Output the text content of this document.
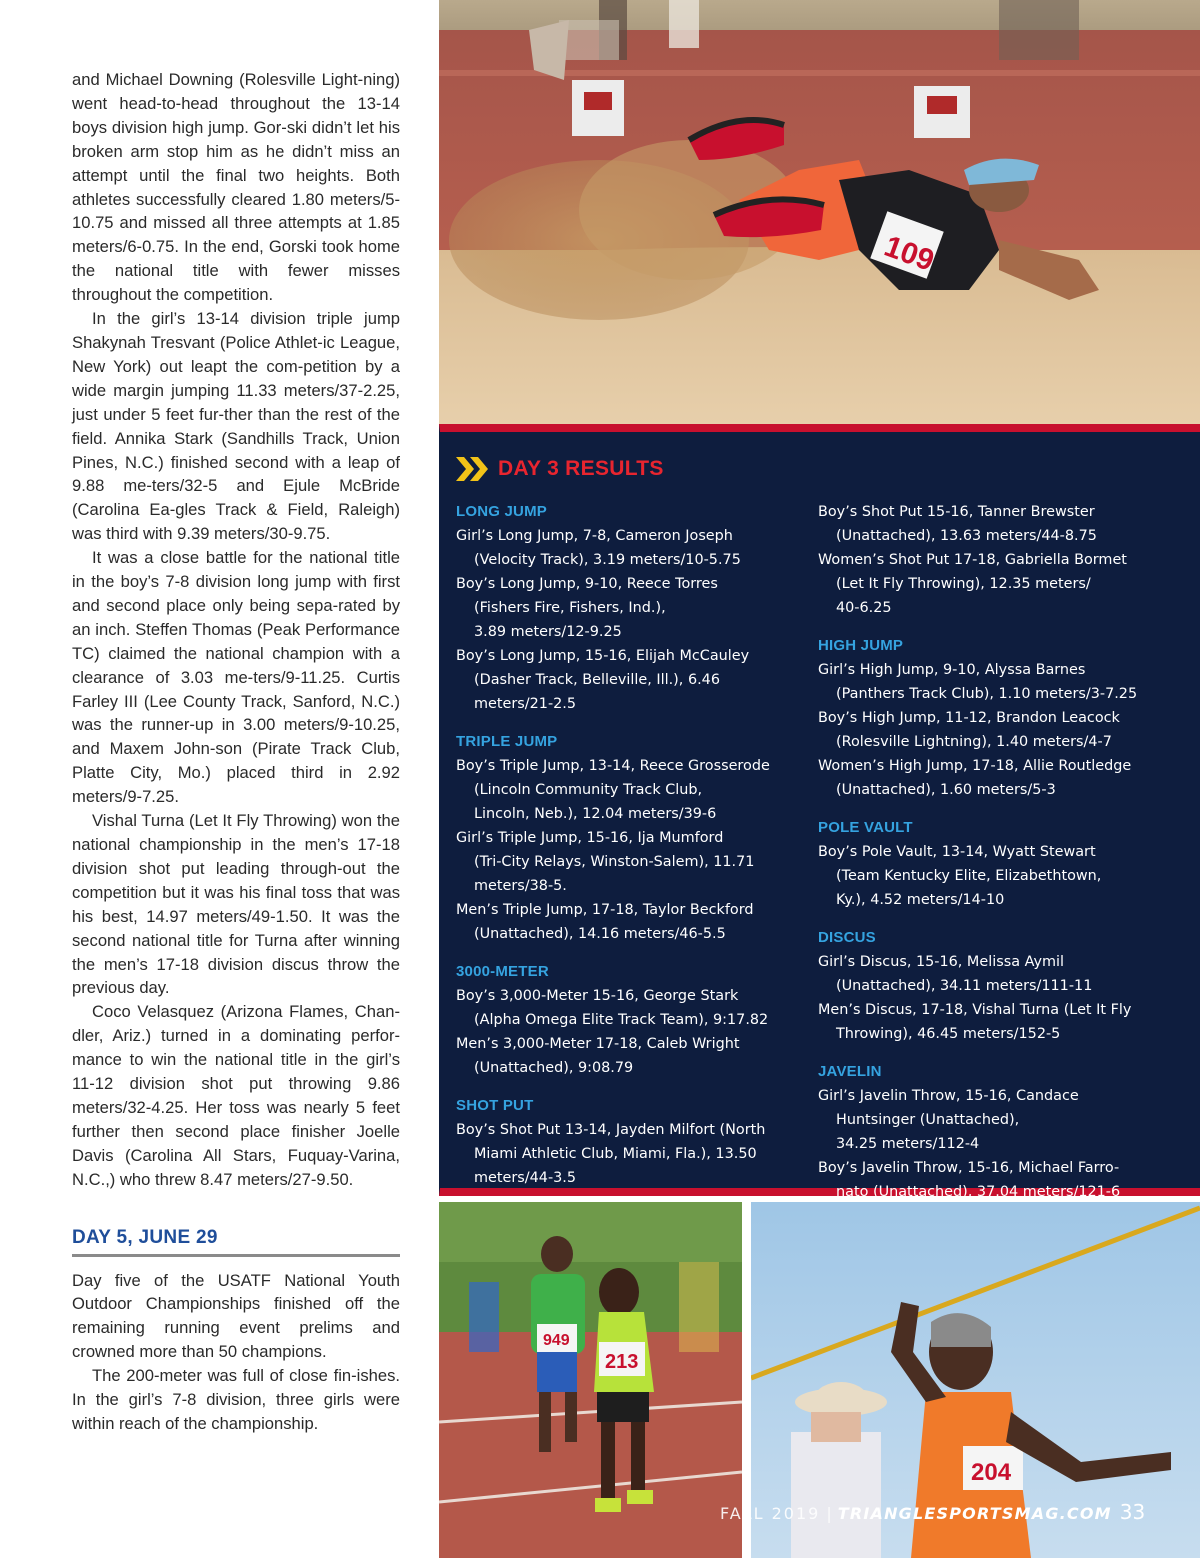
and Michael Downing (Rolesville Light-ning) went head-to-head throughout the 13-14 boys division high jump. Gor-ski didn’t let his broken arm stop him as he didn’t miss an attempt until the final two heights. Both athletes successfully cleared 1.80 meters/5-10.75 and missed all three attempts at 1.85 meters/6-0.75. In the end, Gorski took home the national title with fewer misses throughout the competition.

In the girl’s 13-14 division triple jump Shakynah Tresvant (Police Athlet-ic League, New York) out leapt the com-petition by a wide margin jumping 11.33 meters/37-2.25, just under 5 feet fur-ther than the rest of the field. Annika Stark (Sandhills Track, Union Pines, N.C.) finished second with a leap of 9.88 me-ters/32-5 and Ejule McBride (Carolina Ea-gles Track & Field, Raleigh) was third with 9.39 meters/30-9.75.

It was a close battle for the national title in the boy’s 7-8 division long jump with first and second place only being sepa-rated by an inch. Steffen Thomas (Peak Performance TC) claimed the national champion with a clearance of 3.03 me-ters/9-11.25. Curtis Farley III (Lee County Track, Sanford, N.C.) was the runner-up in 3.00 meters/9-10.25, and Maxem John-son (Pirate Track Club, Platte City, Mo.) placed third in 2.92 meters/9-7.25.

Vishal Turna (Let It Fly Throwing) won the national championship in the men’s 17-18 division shot put leading through-out the competition but it was his final toss that was his best, 14.97 meters/49-1.50. It was the second national title for Turna after winning the men’s 17-18 division discus throw the previous day.

Coco Velasquez (Arizona Flames, Chan-dler, Ariz.) turned in a dominating perfor-mance to win the national title in the girl’s 11-12 division shot put throwing 9.86 meters/32-4.25. Her toss was nearly 5 feet further then second place finisher Joelle Davis (Carolina All Stars, Fuquay-Varina, N.C.,) who threw 8.47 meters/27-9.50.

DAY 5, JUNE 29

Day five of the USATF National Youth Outdoor Championships finished off the remaining running event prelims and crowned more than 50 champions.

The 200-meter was full of close fin-ishes. In the girl’s 7-8 division, three girls were within reach of the championship.

109
DAY 3 RESULTS
LONG JUMP
Girl’s Long Jump, 7-8, Cameron Joseph
(Velocity Track), 3.19 meters/10-5.75
Boy’s Long Jump, 9-10, Reece Torres
(Fishers Fire, Fishers, Ind.),
3.89 meters/12-9.25
Boy’s Long Jump, 15-16, Elijah McCauley
(Dasher Track, Belleville, Ill.), 6.46
meters/21-2.5
TRIPLE JUMP
Boy’s Triple Jump, 13-14, Reece Grosserode
(Lincoln Community Track Club,
Lincoln, Neb.), 12.04 meters/39-6
Girl’s Triple Jump, 15-16, Ija Mumford
(Tri-City Relays, Winston-Salem), 11.71
meters/38-5.
Men’s Triple Jump, 17-18, Taylor Beckford
(Unattached), 14.16 meters/46-5.5
3000-METER
Boy’s 3,000-Meter 15-16, George Stark
(Alpha Omega Elite Track Team), 9:17.82
Men’s 3,000-Meter 17-18, Caleb Wright
(Unattached), 9:08.79
SHOT PUT
Boy’s Shot Put 13-14, Jayden Milfort (North
Miami Athletic Club, Miami, Fla.), 13.50
meters/44-3.5
Boy’s Shot Put 15-16, Tanner Brewster
(Unattached), 13.63 meters/44-8.75
Women’s Shot Put 17-18, Gabriella Bormet
(Let It Fly Throwing), 12.35 meters/
40-6.25
HIGH JUMP
Girl’s High Jump, 9-10, Alyssa Barnes
(Panthers Track Club), 1.10 meters/3-7.25
Boy’s High Jump, 11-12, Brandon Leacock
(Rolesville Lightning), 1.40 meters/4-7
Women’s High Jump, 17-18, Allie Routledge
(Unattached), 1.60 meters/5-3
POLE VAULT
Boy’s Pole Vault, 13-14, Wyatt Stewart
(Team Kentucky Elite, Elizabethtown,
Ky.), 4.52 meters/14-10
DISCUS
Girl’s Discus, 15-16, Melissa Aymil
(Unattached), 34.11 meters/111-11
Men’s Discus, 17-18, Vishal Turna (Let It Fly
Throwing), 46.45 meters/152-5
JAVELIN
Girl’s Javelin Throw, 15-16, Candace
Huntsinger (Unattached),
34.25 meters/112-4
Boy’s Javelin Throw, 15-16, Michael Farro-
nato (Unattached), 37.04 meters/121-6
949
213
204
FALL 2019 | TRIANGLESPORTSMAG.COM 33
